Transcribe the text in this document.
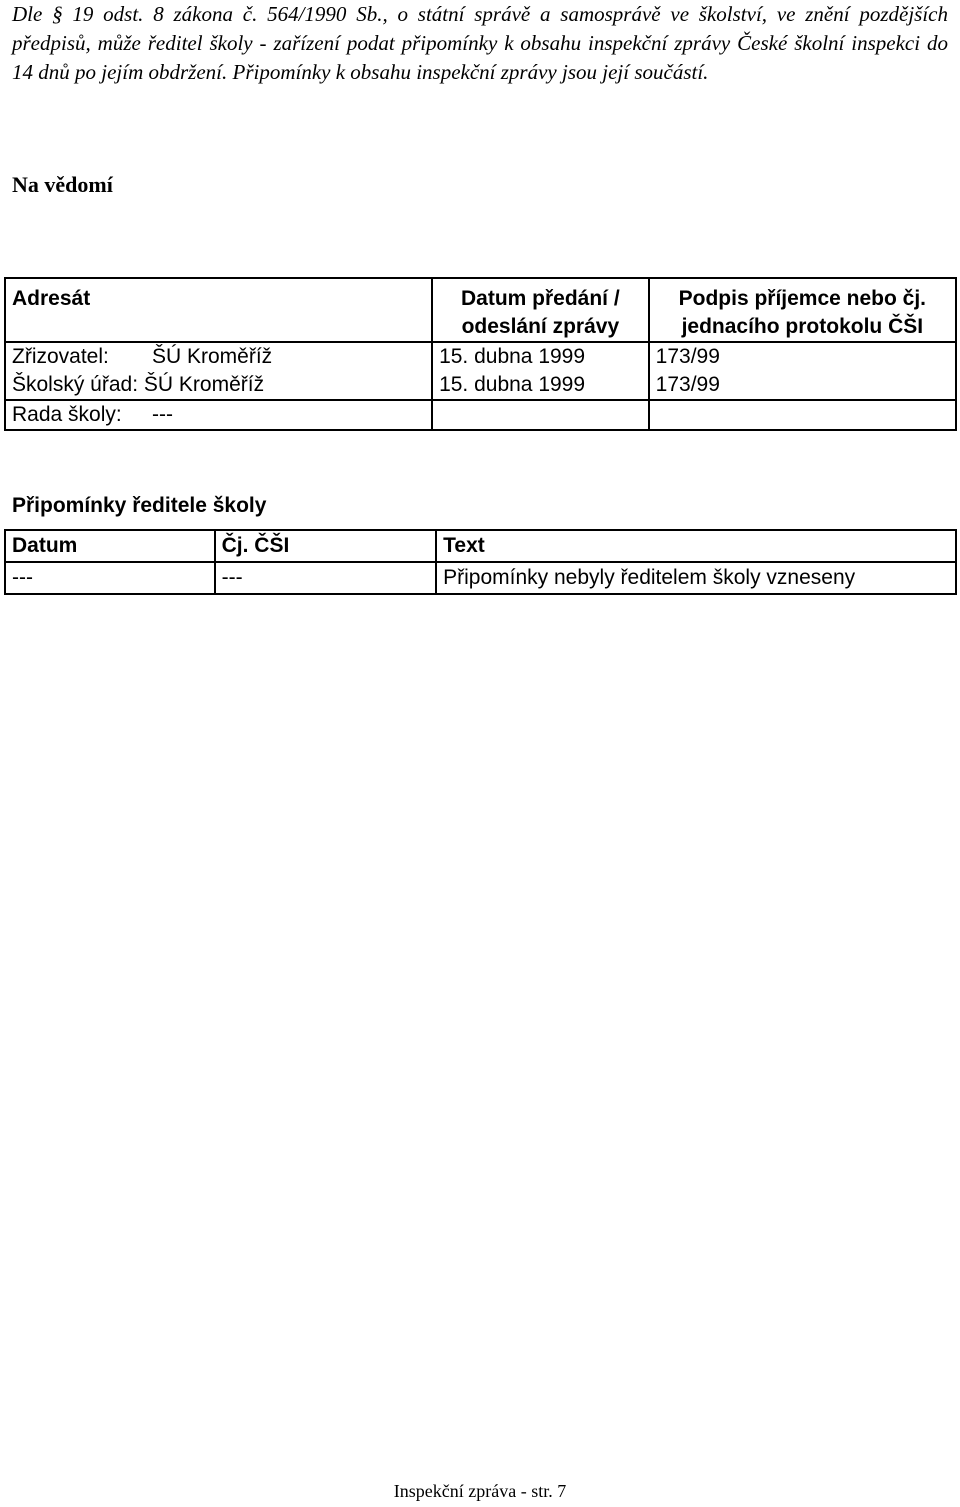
Dle § 19 odst. 8 zákona č. 564/1990 Sb., o státní správě a samosprávě ve školství, ve znění pozdějších předpisů, může ředitel školy - zařízení podat připomínky k obsahu inspekční zprávy České školní inspekci do 14 dnů po jejím obdržení. Připomínky k obsahu inspekční zprávy jsou její součástí.

Na vědomí

Adresát	Datum předání / odeslání zprávy	Podpis příjemce nebo čj. jednacího protokolu ČŠI
Zřizovatel: ŠÚ Kroměříž	15. dubna 1999	173/99
Školský úřad: ŠÚ Kroměříž	15. dubna 1999	173/99
Rada školy: ---		

Připomínky ředitele školy

Datum	Čj. ČŠI	Text
---	---	Připomínky nebyly ředitelem školy vzneseny
Inspekční zpráva - str. 7
